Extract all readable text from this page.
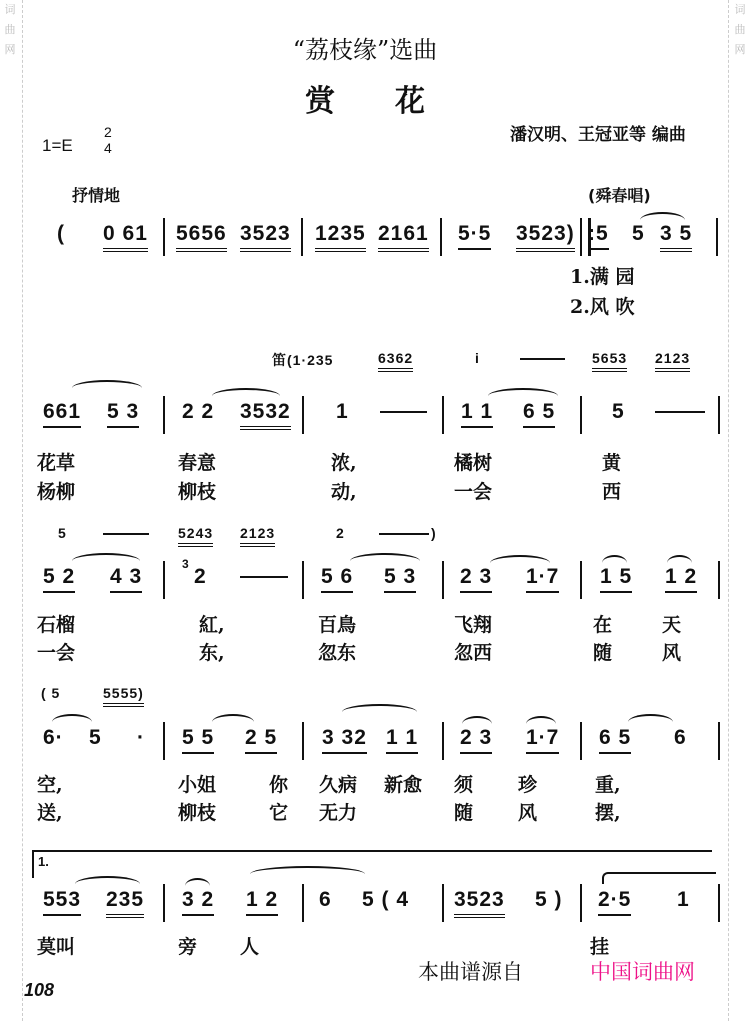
词
曲
网
词
曲
网
“荔枝缘”选曲
赏　　花
潘汉明、王冠亚等 编曲
1=E
2
4
抒情地	(舜春唱)
( 0 61 5656 3523 1235 2161 5·5 3523) :5 5 3 5
1.满 园
2.风 吹
笛(1·235	6362	i	5653 2123
661 5 3 2 2 3532 1	1 1 6 5	5
花草	春意	浓,	橘树	黄
杨柳	柳枝	动,	一会	西
5	5243 2123	2	)
5 2 4 3
3
2	5 6 5 3 2 3 1·7 1 5 1 2
石榴	紅,	百鳥	飞翔	在	天
一会	东,	忽东	忽西	随	风
( 5	5555)
6· 5 · 5 5 2 5 3 32 1 1 2 3 1·7 6 5 6
空,	小姐	你 久病 新愈 须 珍	重,
送,	柳枝	它 无力	随 风	摆,
1.
553 235 3 2 1 2 6 5 ( 4 3523 5 ) 2·5 1
莫叫	旁 人	挂
本曲谱源自	中国词曲网
108
